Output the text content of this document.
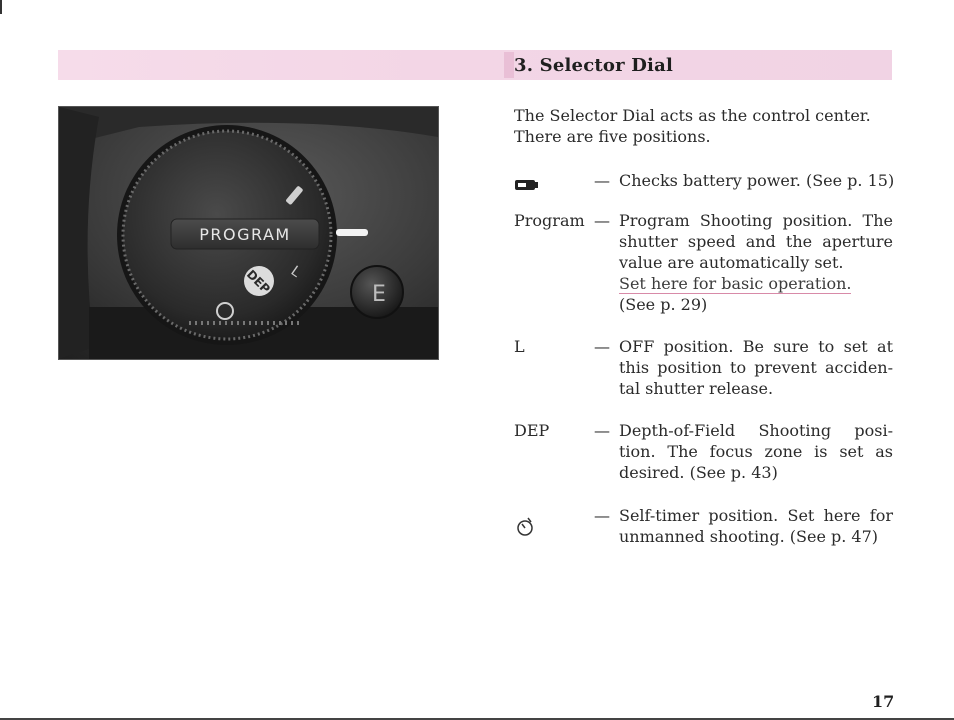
3. Selector Dial
PROGRAM
DEP L
E
The Selector Dial acts as the control center.
There are five positions.
— Checks battery power. (See p. 15)
Program — Program Shooting position. The
shutter speed and the aperture
value are automatically set.
Set here for basic operation.
(See p. 29)
L	— OFF position. Be sure to set at
this position to prevent acciden-
tal shutter release.
DEP	— Depth-of-Field Shooting posi-
tion. The focus zone is set as
desired. (See p. 43)
— Self-timer position. Set here for
unmanned shooting. (See p. 47)
17
